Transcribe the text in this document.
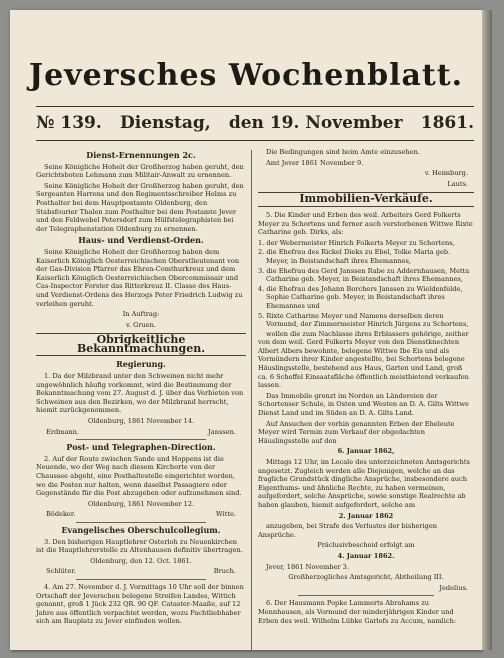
Jeversches Wochenblatt.
№ 139. Dienstag, den 19. November 1861.
Dienst-Ernennungen 2c.
Seine Königliche Hoheit der Großherzog haben geruht, den Gerichtsboten Lehmann zum Militair-Anwalt zu ernennen.
Seine Königliche Hoheit der Großherzog haben geruht, den Sergeanten Harrens und den Regimentsschreiber Helms zu Posthalter bei dem Hauptpostamte Oldenburg, den Stabsfourier Thalen zum Posthalter bei dem Postamte Jever und den Feldwebel Petersdorf zum Hülfstelegraphisten bei der Telegraphenstation Oldenburg zu ernennen.
Haus- und Verdienst-Orden.
Seine Königliche Hoheit der Großherzog haben dem Kaiserlich Königlich Oesterreichischen Oberstlieutenant von der Gas-Division Pfarrer das Ehren-Comthurkreuz und dem Kaiserlich Königlich Oesterreichischen Obercommissair und Cas-Inspector Forster das Ritterkreuz II. Classe des Haus- und Verdienst-Ordens des Herzogs Peter Friedrich Ludwig zu verleihen geruht.
In Auftrag:
v. Gruen.
Obrigkeitliche Bekanntmachungen.
Regierung.
1. Da der Milzbrand unter den Schweinen nicht mehr ungewöhnlich häufig vorkommt, wird die Bestimmung der Bekanntmachung vom 27. August d. J. über das Verbieten von Schweinen aus den Bezirken, wo der Milzbrand herrscht, hiemit zurückgenommen.
Oldenburg, 1861 November 14.
Erdmann.	Janssen.
Post- und Telegraphen-Direction.
2. Auf der Route zwischen Sande und Hoppens ist die Neuende, wo der Weg nach diesem Kirchorte von der Chaussee abgeht, eine Posthaltestelle eingerichtet worden, wo die Posten nur halten, wenn daselbst Passagiere oder Gegenstände für die Post abzugeben oder aufzunehmen sind.
Oldenburg, 1861 November 12.
Bödeker.	Witte.
Evangelisches Oberschulcollegium.
3. Den bisherigen Hauptlehrer Osterloh zu Neuenkirchen ist die Hauptlehrerstelle zu Altenhausen definitiv übertragen.
Oldenburg, den 12. Oct. 1861.
Schlüter.	Bruch.
4. Am 27. November d. J. Vormittags 10 Uhr soll der binnen Ortschaft der Jeverschen belegene Streifen Landes, Wittich genannt, groß 1 Jück 232 QR. 90 QF. Cataster-Maaße, auf 12 Jahre aus öffentlich verpachtet werden, wozu Pachtliebhaber sich am Bauplatz zu Jever einfinden wollen.
Die Bedingungen sind beim Amte einzusehen.
Amt Jever 1861 November 9.
v. Heimburg.
Lauts.
Immobilien-Verkäufe.
5. Die Kinder und Erben des weil. Arbeiters Gerd Folkerts Meyer zu Schortens und ferner auch verstorbenen Wittwe Rixte Catharine geb. Dirks, als:
1. der Webermeister Hinrich Folkerts Meyer zu Schortens,
2. die Ehefrau des Rickel Dieks zu Ebel, Tolke Maria geb. Meyer, in Beistandschaft ihres Ehemannes,
3. die Ehefrau des Gerd Janssen Rabe zu Addernhausen, Metta Catharine geb. Meyer, in Beistandschaft ihres Ehemannes,
4. die Ehefrau des Johann Borchers Janssen zu Wieldenfelde, Sophie Catharine geb. Meyer, in Beistandschaft ihres Ehemannes und
5. Rixte Catharine Meyer und Namens derselben deren Vormund, der Zimmermeister Hinrich Jürgens zu Schortens,
wollen die zum Nachlasse ihres Erblassers gehörige, zeither von dem weil. Gerd Folkerts Meyer von den Dienstknechten Albert Albers bewohnte, belegene Wittwe Ibe Eis und als Vormündern ihrer Kinder angestellte, bei Schortens belegene Häuslingsstelle, bestehend aus Haus, Garten und Land, groß ca. 6 Scheffel Einsaatsfläche öffentlich meistbietend verkaufen lassen.
Das Immobile grenzt im Norden an Ländereien der Schortenser Schule, in Osten und Westen an D. A. Gilts Wittwe Dienst Land und im Süden an D. A. Gilts Land.
Auf Ansuchen der vorhin genannten Erben der Eheleute Meyer wird Termin zum Verkauf der obgedachten Häuslingsstelle auf den
6. Januar 1862,
Mittags 12 Uhr, im Locale des unterzeichneten Amtsgerichts angesetzt. Zugleich werden alle Diejenigen, welche an das fragliche Grundstück dingliche Ansprüche, insbesondere auch Eigenthums- und ähnliche Rechte, zu haben vermeinen, aufgefordert, solche Ansprüche, sowie sonstige Realrechte ab haben glauben, hiemit aufgefordert, solche am
2. Januar 1862
anzugeben, bei Strafe des Verlustes der bisherigen Ansprüche.
Präclusivbescheid erfolgt am
4. Januar 1862.
Jever, 1861 November 3.
Großherzogliches Amtsgericht, Abtheilung III.
Jedelius.
6. Der Hausmann Popke Lammerts Abrahams zu Mennhausen, als Vormund der minderjährigen Kinder und Erben des weil. Wilhelm Lübke Garlefs zu Accum, namlich:
